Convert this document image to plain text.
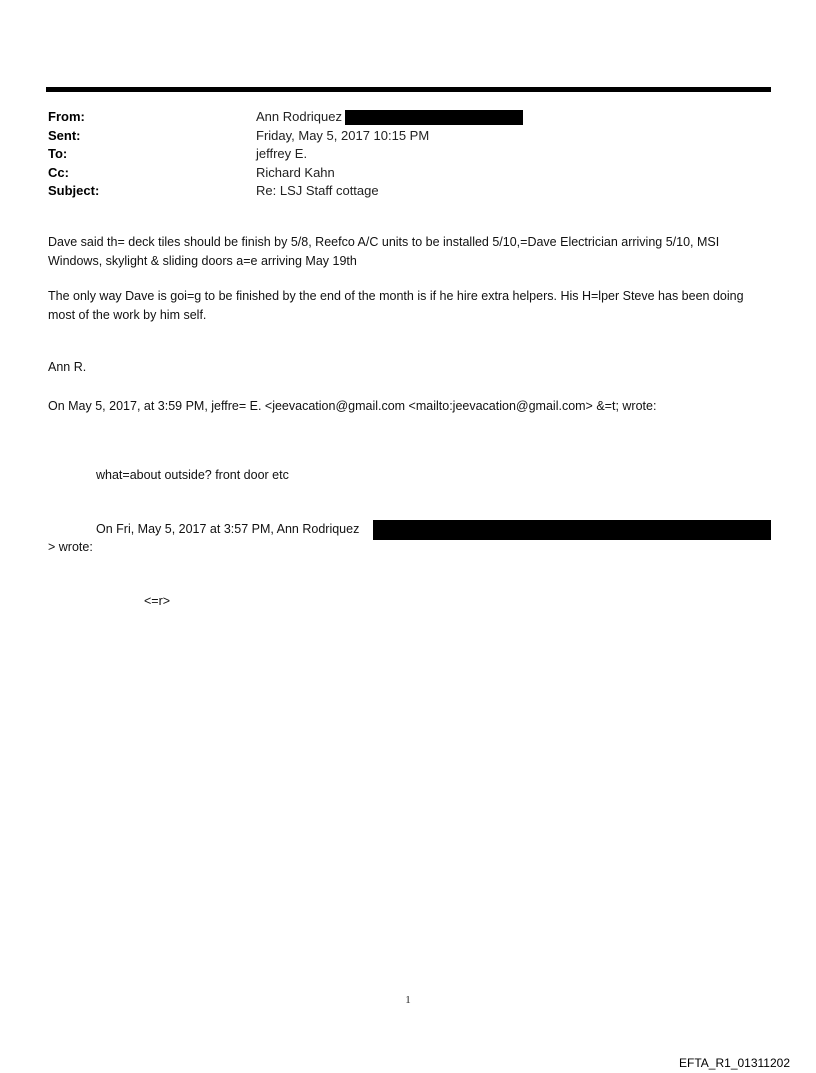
From:	Ann Rodriquez
Sent:	Friday, May 5, 2017 10:15 PM
To:	jeffrey E.
Cc:	Richard Kahn
Subject:	Re: LSJ Staff cottage
Dave said th= deck tiles should be finish by 5/8, Reefco A/C units to be installed 5/10,=Dave Electrician arriving 5/10, MSI Windows, skylight & sliding doors a=e arriving May 19th
The only way Dave is goi=g to be finished by the end of the month is if he hire extra helpers. His H=lper Steve has been doing most of the work by him self.
Ann R.
On May 5, 2017, at 3:59 PM, jeffre= E. <jeevacation@gmail.com <mailto:jeevacation@gmail.com> &=t; wrote:
what=about outside? front door etc
On Fri, May 5, 2017 at 3:57 PM, Ann Rodriquez
> wrote:
<=r>
1
EFTA_R1_01311202
